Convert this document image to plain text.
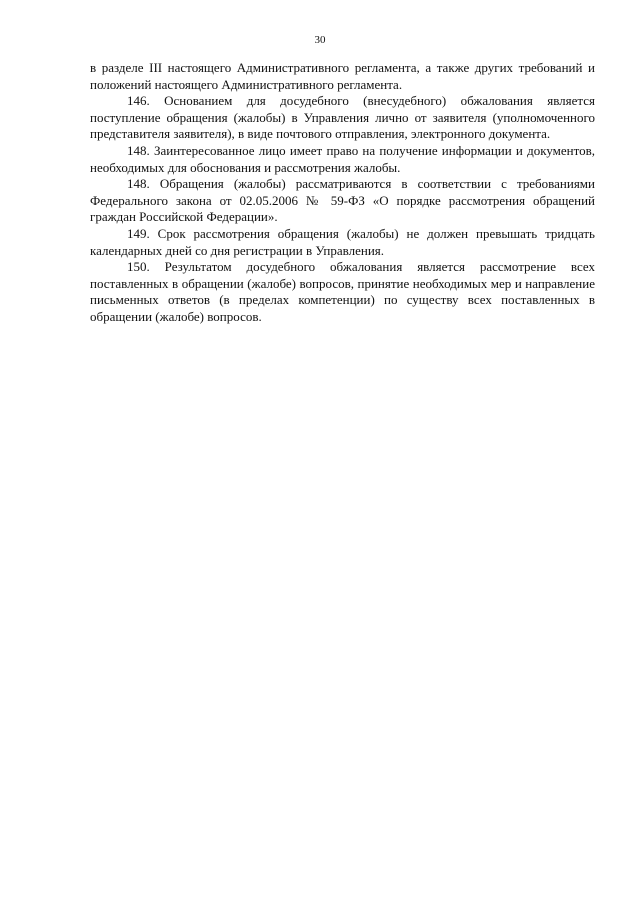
30

в разделе III настоящего Административного регламента, а также других требований и положений настоящего Административного регламента.

146. Основанием для досудебного (внесудебного) обжалования является поступление обращения (жалобы) в Управления лично от заявителя (уполномоченного представителя заявителя), в виде почтового отправления, электронного документа.

148. Заинтересованное лицо имеет право на получение информации и документов, необходимых для обоснования и рассмотрения жалобы.

148. Обращения (жалобы) рассматриваются в соответствии с требованиями Федерального закона от 02.05.2006 № 59-ФЗ «О порядке рассмотрения обращений граждан Российской Федерации».

149. Срок рассмотрения обращения (жалобы) не должен превышать тридцать календарных дней со дня регистрации в Управления.

150. Результатом досудебного обжалования является рассмотрение всех поставленных в обращении (жалобе) вопросов, принятие необходимых мер и направление письменных ответов (в пределах компетенции) по существу всех поставленных в обращении (жалобе) вопросов.
